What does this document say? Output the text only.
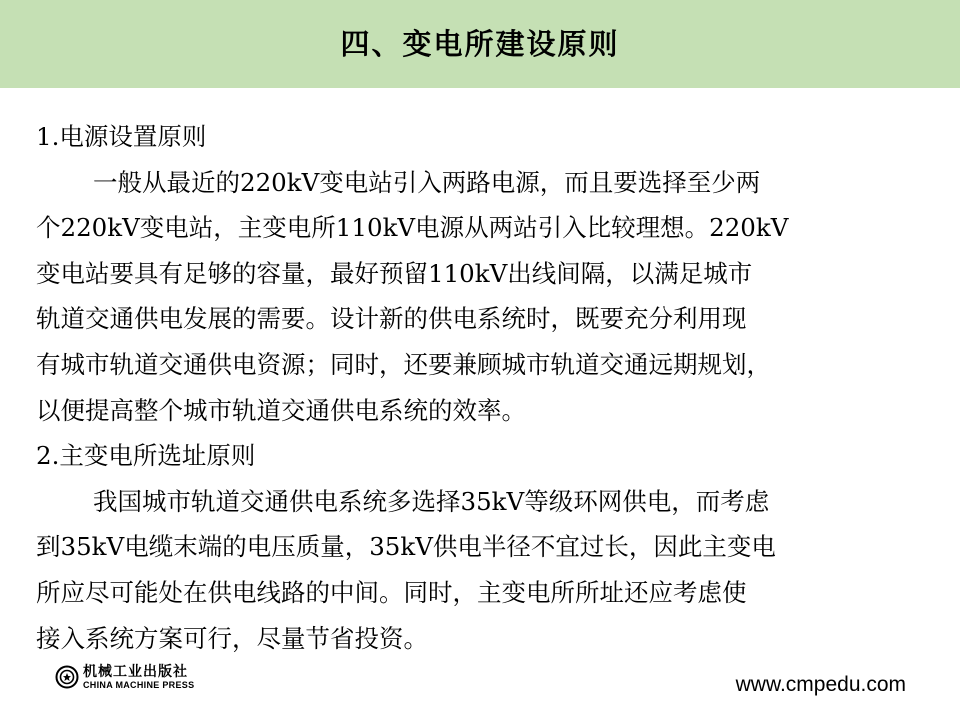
四、变电所建设原则
1.电源设置原则
一般从最近的220kV变电站引入两路电源，而且要选择至少两
个220kV变电站，主变电所110kV电源从两站引入比较理想。220kV
变电站要具有足够的容量，最好预留110kV出线间隔，以满足城市
轨道交通供电发展的需要。设计新的供电系统时，既要充分利用现
有城市轨道交通供电资源；同时，还要兼顾城市轨道交通远期规划，
以便提高整个城市轨道交通供电系统的效率。
2.主变电所选址原则
我国城市轨道交通供电系统多选择35kV等级环网供电，而考虑
到35kV电缆末端的电压质量，35kV供电半径不宜过长，因此主变电
所应尽可能处在供电线路的中间。同时，主变电所所址还应考虑使
接入系统方案可行，尽量节省投资。
机械工业出版社
CHINA MACHINE PRESS	www.cmpedu.com
